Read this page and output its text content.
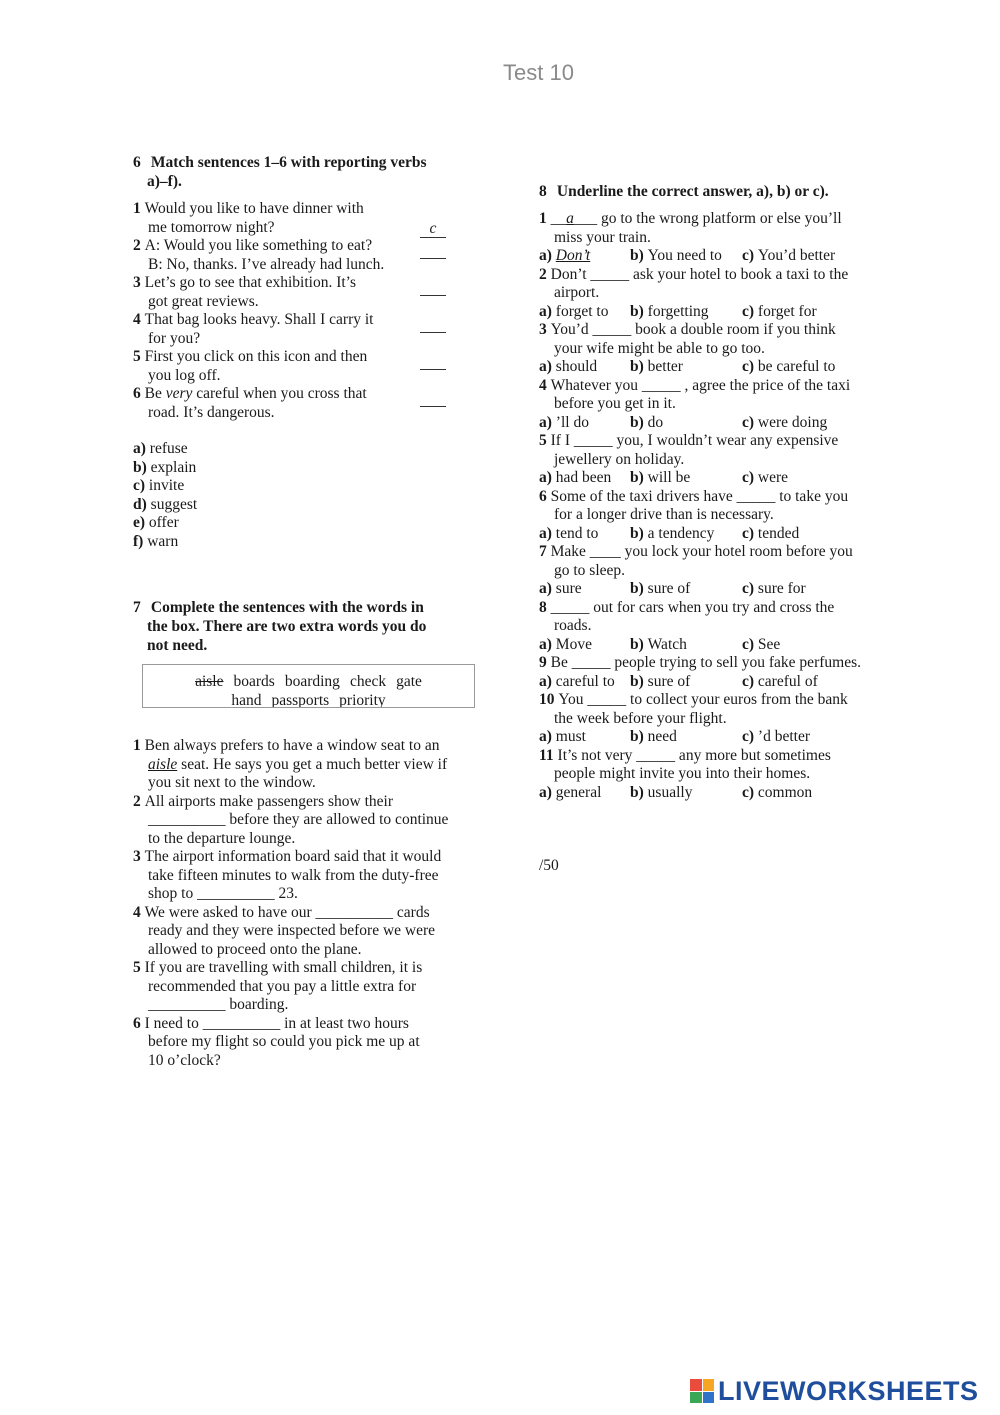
Test 10
6 Match sentences 1–6 with reporting verbs
a)–f).
1 Would you like to have dinner with
me tomorrow night?	c
2 A: Would you like something to eat?
B: No, thanks. I’ve already had lunch.
3 Let’s go to see that exhibition. It’s
got great reviews.
4 That bag looks heavy. Shall I carry it
for you?
5 First you click on this icon and then
you log off.
6 Be very careful when you cross that
road. It’s dangerous.
a) refuse
b) explain
c) invite
d) suggest
e) offer
f) warn
7 Complete the sentences with the words in
the box. There are two extra words you do
not need.
aisle boards boarding check gate
hand passports priority
1 Ben always prefers to have a window seat to an
aisle seat. He says you get a much better view if
you sit next to the window.
2 All airports make passengers show their
__________ before they are allowed to continue
to the departure lounge.
3 The airport information board said that it would
take fifteen minutes to walk from the duty-free
shop to __________ 23.
4 We were asked to have our __________ cards
ready and they were inspected before we were
allowed to proceed onto the plane.
5 If you are travelling with small children, it is
recommended that you pay a little extra for
__________ boarding.
6 I need to __________ in at least two hours
before my flight so could you pick me up at
10 o’clock?
8 Underline the correct answer, a), b) or c).
1 __a___ go to the wrong platform or else you’ll
miss your train.
a) Don’t	b) You need to c) You’d better
2 Don’t _____ ask your hotel to book a taxi to the
airport.
a) forget to b) forgetting c) forget for
3 You’d _____ book a double room if you think
your wife might be able to go too.
a) should b) better	c) be careful to
4 Whatever you _____ , agree the price of the taxi
before you get in it.
a) ’ll do	b) do	c) were doing
5 If I _____ you, I wouldn’t wear any expensive
jewellery on holiday.
a) had been b) will be	c) were
6 Some of the taxi drivers have _____ to take you
for a longer drive than is necessary.
a) tend to b) a tendency c) tended
7 Make ____ you lock your hotel room before you
go to sleep.
a) sure	b) sure of	c) sure for
8 _____ out for cars when you try and cross the
roads.
a) Move b) Watch	c) See
9 Be _____ people trying to sell you fake perfumes.
a) careful to b) sure of	c) careful of
10 You _____ to collect your euros from the bank
the week before your flight.
a) must	b) need	c) ’d better
11 It’s not very _____ any more but sometimes
people might invite you into their homes.
a) general b) usually	c) common
/50
LIVEWORKSHEETS
